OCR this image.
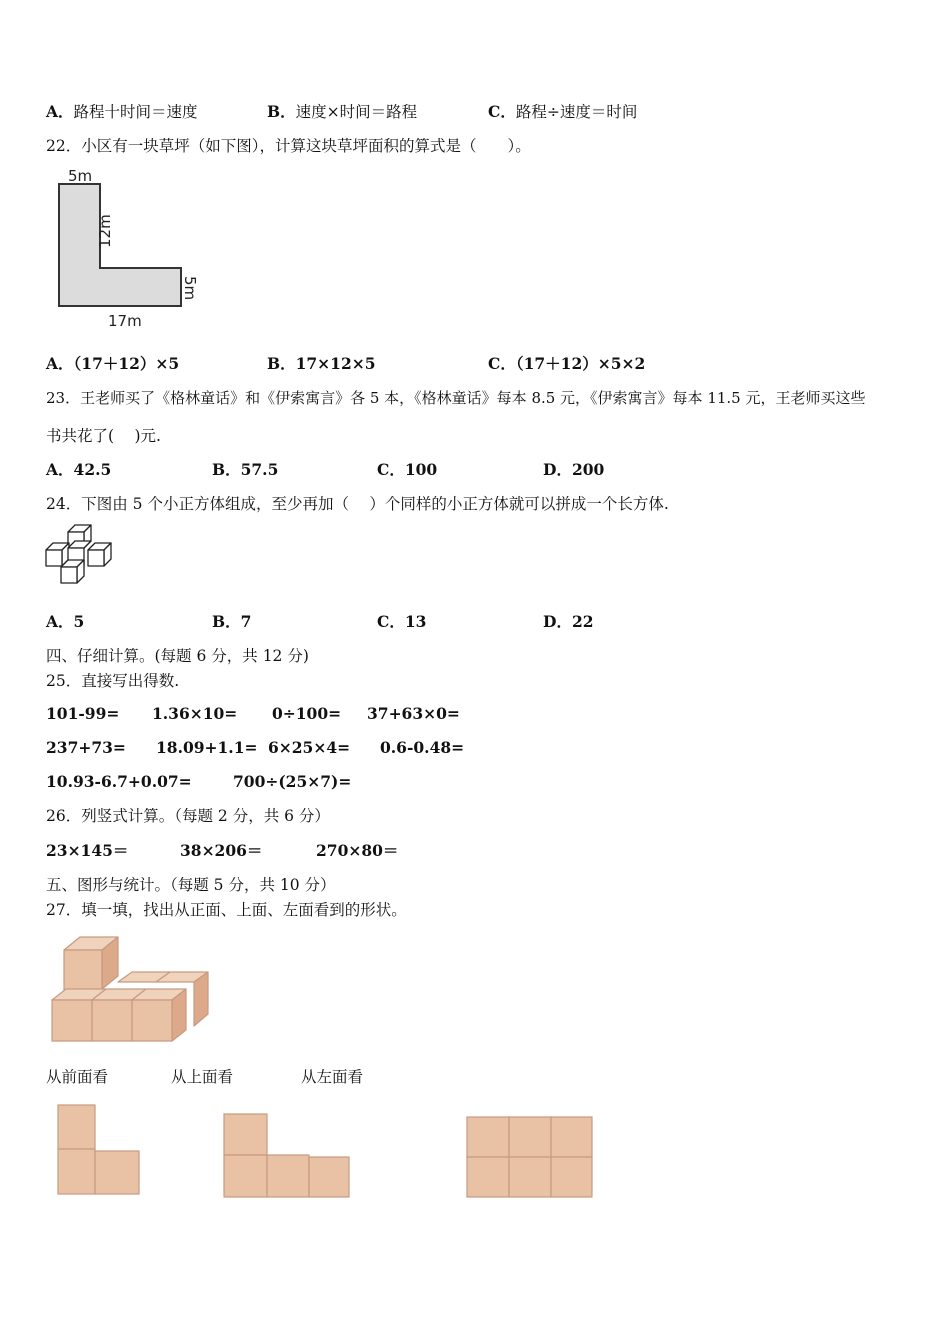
A．路程十时间＝速度	B．速度×时间＝路程	C．路程÷速度＝时间
22．小区有一块草坪（如下图），计算这块草坪面积的算式是（　　）。
5m
12m
5m
17m
A．（17＋12）×5	B．17×12×5	C．（17＋12）×5×2
23．王老师买了《格林童话》和《伊索寓言》各 5 本，《格林童话》每本 8.5 元，《伊索寓言》每本 11.5 元，王老师买这些
书共花了(　 )元.
A．42.5	B．57.5	C．100	D．200
24．下图由 5 个小正方体组成，至少再加（　 ）个同样的小正方体就可以拼成一个长方体.
A．5	B．7	C．13	D．22
四、仔细计算。(每题 6 分，共 12 分)
25．直接写出得数.
101-99= 1.36×10= 0÷100= 37+63×0=
237+73= 18.09+1.1= 6×25×4= 0.6-0.48=
10.93-6.7+0.07=	700÷(25×7)=
26．列竖式计算。（每题 2 分，共 6 分）
23×145＝	38×206＝	270×80＝
五、图形与统计。（每题 5 分，共 10 分）
27．填一填，找出从正面、上面、左面看到的形状。
从前面看	从上面看	从左面看
